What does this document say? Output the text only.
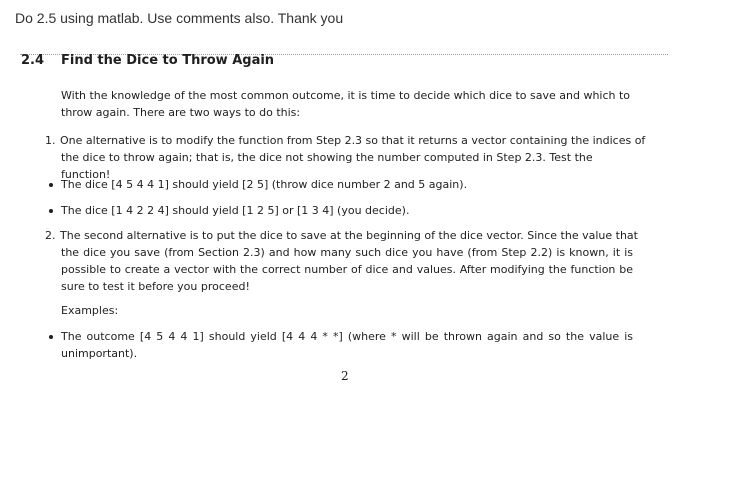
Do 2.5 using matlab. Use comments also. Thank you
2.4 Find the Dice to Throw Again
With the knowledge of the most common outcome, it is time to decide which dice to save and which to throw again. There are two ways to do this:
1. One alternative is to modify the function from Step 2.3 so that it returns a vector containing the indices of
the dice to throw again; that is, the dice not showing the number computed in Step 2.3. Test the function!
The dice [4 5 4 4 1] should yield [2 5] (throw dice number 2 and 5 again).
The dice [1 4 2 2 4] should yield [1 2 5] or [1 3 4] (you decide).
2. The second alternative is to put the dice to save at the beginning of the dice vector. Since the value that
the dice you save (from Section 2.3) and how many such dice you have (from Step 2.2) is known, it is possible to create a vector with the correct number of dice and values. After modifying the function be sure to test it before you proceed!
Examples:
The outcome [4 5 4 4 1] should yield [4 4 4 * *] (where * will be thrown again and so the value is unimportant).
2
